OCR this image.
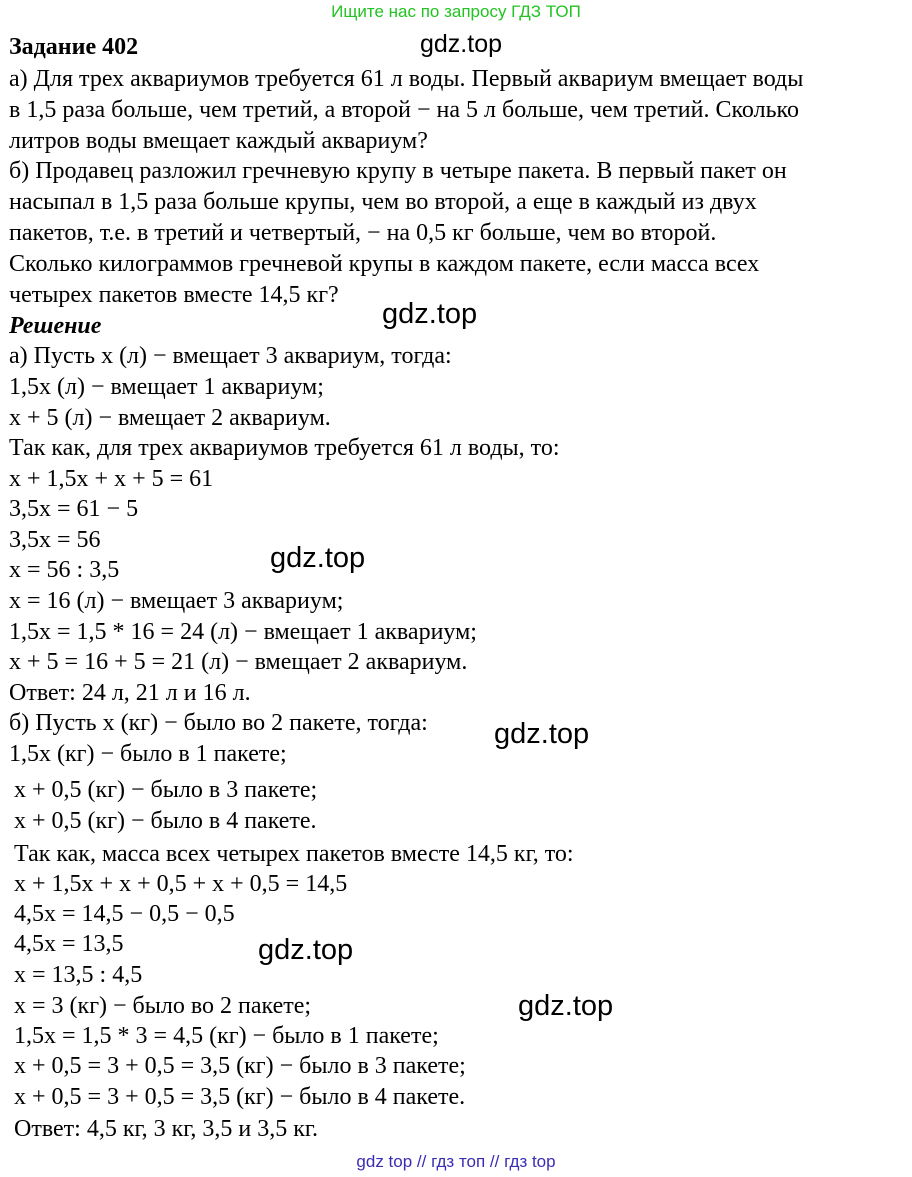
Ищите нас по запросу ГДЗ ТОП
Задание 402
а) Для трех аквариумов требуется 61 л воды. Первый аквариум вмещает воды
в 1,5 раза больше, чем третий, а второй − на 5 л больше, чем третий. Сколько
литров воды вмещает каждый аквариум?
б) Продавец разложил гречневую крупу в четыре пакета. В первый пакет он
насыпал в 1,5 раза больше крупы, чем во второй, а еще в каждый из двух
пакетов, т.е. в третий и четвертый, − на 0,5 кг больше, чем во второй.
Сколько килограммов гречневой крупы в каждом пакете, если масса всех
четырех пакетов вместе 14,5 кг?
Решение
а) Пусть х (л) − вмещает 3 аквариум, тогда:
1,5х (л) − вмещает 1 аквариум;
х + 5 (л) − вмещает 2 аквариум.
Так как, для трех аквариумов требуется 61 л воды, то:
х + 1,5х + х + 5 = 61
3,5х = 61 − 5
3,5х = 56
х = 56 : 3,5
х = 16 (л) − вмещает 3 аквариум;
1,5х = 1,5 * 16 = 24 (л) − вмещает 1 аквариум;
х + 5 = 16 + 5 = 21 (л) − вмещает 2 аквариум.
Ответ: 24 л, 21 л и 16 л.
б) Пусть х (кг) − было во 2 пакете, тогда:
1,5х (кг) − было в 1 пакете;
х + 0,5 (кг) − было в 3 пакете;
х + 0,5 (кг) − было в 4 пакете.
Так как, масса всех четырех пакетов вместе 14,5 кг, то:
х + 1,5х + х + 0,5 + х + 0,5 = 14,5
4,5х = 14,5 − 0,5 − 0,5
4,5х = 13,5
х = 13,5 : 4,5
х = 3 (кг) − было во 2 пакете;
1,5х = 1,5 * 3 = 4,5 (кг) − было в 1 пакете;
х + 0,5 = 3 + 0,5 = 3,5 (кг) − было в 3 пакете;
х + 0,5 = 3 + 0,5 = 3,5 (кг) − было в 4 пакете.
Ответ: 4,5 кг, 3 кг, 3,5 и 3,5 кг.
gdz.top
gdz.top
gdz.top
gdz.top
gdz.top
gdz.top
gdz top // гдз топ // гдз top
